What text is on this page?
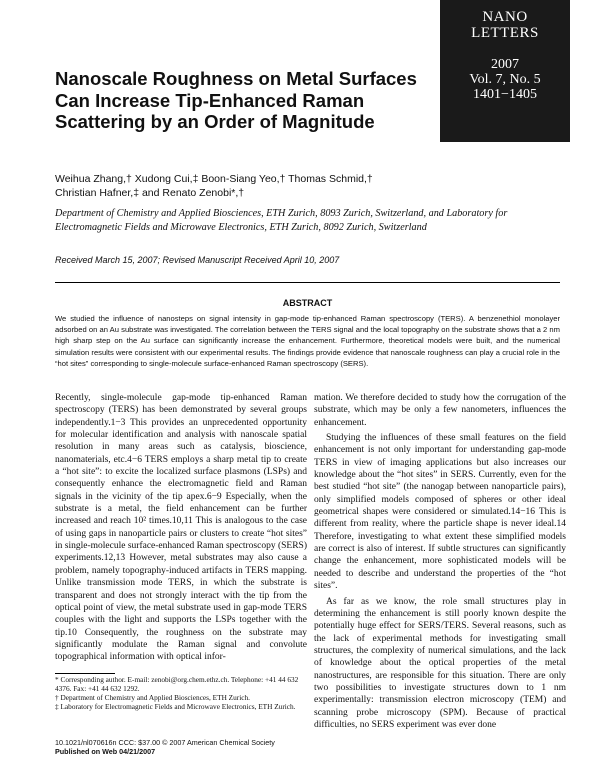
NANO
LETTERS
2007
Vol. 7, No. 5
1401−1405
Nanoscale Roughness on Metal Surfaces Can Increase Tip-Enhanced Raman Scattering by an Order of Magnitude
Weihua Zhang,† Xudong Cui,‡ Boon-Siang Yeo,† Thomas Schmid,†
Christian Hafner,‡ and Renato Zenobi*,†
Department of Chemistry and Applied Biosciences, ETH Zurich, 8093 Zurich, Switzerland, and Laboratory for Electromagnetic Fields and Microwave Electronics, ETH Zurich, 8092 Zurich, Switzerland
Received March 15, 2007; Revised Manuscript Received April 10, 2007
ABSTRACT
We studied the influence of nanosteps on signal intensity in gap-mode tip-enhanced Raman spectroscopy (TERS). A benzenethiol monolayer adsorbed on an Au substrate was investigated. The correlation between the TERS signal and the local topography on the substrate shows that a 2 nm high sharp step on the Au surface can significantly increase the enhancement. Furthermore, theoretical models were built, and the numerical simulation results were consistent with our experimental results. The findings provide evidence that nanoscale roughness can play a crucial role in the “hot sites” corresponding to single-molecule surface-enhanced Raman spectroscopy (SERS).

Recently, single-molecule gap-mode tip-enhanced Raman spectroscopy (TERS) has been demonstrated by several groups independently.1−3 This provides an unprecedented opportunity for molecular identification and analysis with nanoscale spatial resolution in many areas such as catalysis, bioscience, nanomaterials, etc.4−6 TERS employs a sharp metal tip to create a “hot site”: to excite the localized surface plasmons (LSPs) and consequently enhance the electromagnetic field and Raman signals in the vicinity of the tip apex.6−9 Especially, when the substrate is a metal, the field enhancement can be further increased and reach 10² times.10,11 This is analogous to the case of using gaps in nanoparticle pairs or clusters to create “hot sites” in single-molecule surface-enhanced Raman spectroscopy (SERS) experiments.12,13 However, metal substrates may also cause a problem, namely topography-induced artifacts in TERS mapping. Unlike transmission mode TERS, in which the substrate is transparent and does not strongly interact with the tip from the optical point of view, the metal substrate used in gap-mode TERS couples with the light and supports the LSPs together with the tip.10 Consequently, the roughness on the substrate may significantly modulate the Raman signal and convolute topographical information with optical infor-

mation. We therefore decided to study how the corrugation of the substrate, which may be only a few nanometers, influences the enhancement.

Studying the influences of these small features on the field enhancement is not only important for understanding gap-mode TERS in view of imaging applications but also increases our knowledge about the “hot sites” in SERS. Currently, even for the best studied “hot site” (the nanogap between nanoparticle pairs), only simplified models composed of spheres or other ideal geometrical shapes were considered or simulated.14−16 This is different from reality, where the particle shape is never ideal.14 Therefore, investigating to what extent these simplified models are correct is also of interest. If subtle structures can significantly change the enhancement, more sophisticated models will be needed to describe and understand the properties of the “hot sites”.

As far as we know, the role small structures play in determining the enhancement is still poorly known despite the potentially huge effect for SERS/TERS. Several reasons, such as the lack of experimental methods for investigating small structures, the complexity of numerical simulations, and the lack of knowledge about the optical properties of the metal nanostructures, are responsible for this situation. There are only two possibilities to investigate structures down to 1 nm experimentally: transmission electron microscopy (TEM) and scanning probe microscopy (SPM). Because of practical difficulties, no SERS experiment was ever done

* Corresponding author. E-mail: zenobi@org.chem.ethz.ch. Telephone: +41 44 632 4376. Fax: +41 44 632 1292.

† Department of Chemistry and Applied Biosciences, ETH Zurich.

‡ Laboratory for Electromagnetic Fields and Microwave Electronics, ETH Zurich.

10.1021/nl070616n CCC: $37.00 © 2007 American Chemical Society
Published on Web 04/21/2007
